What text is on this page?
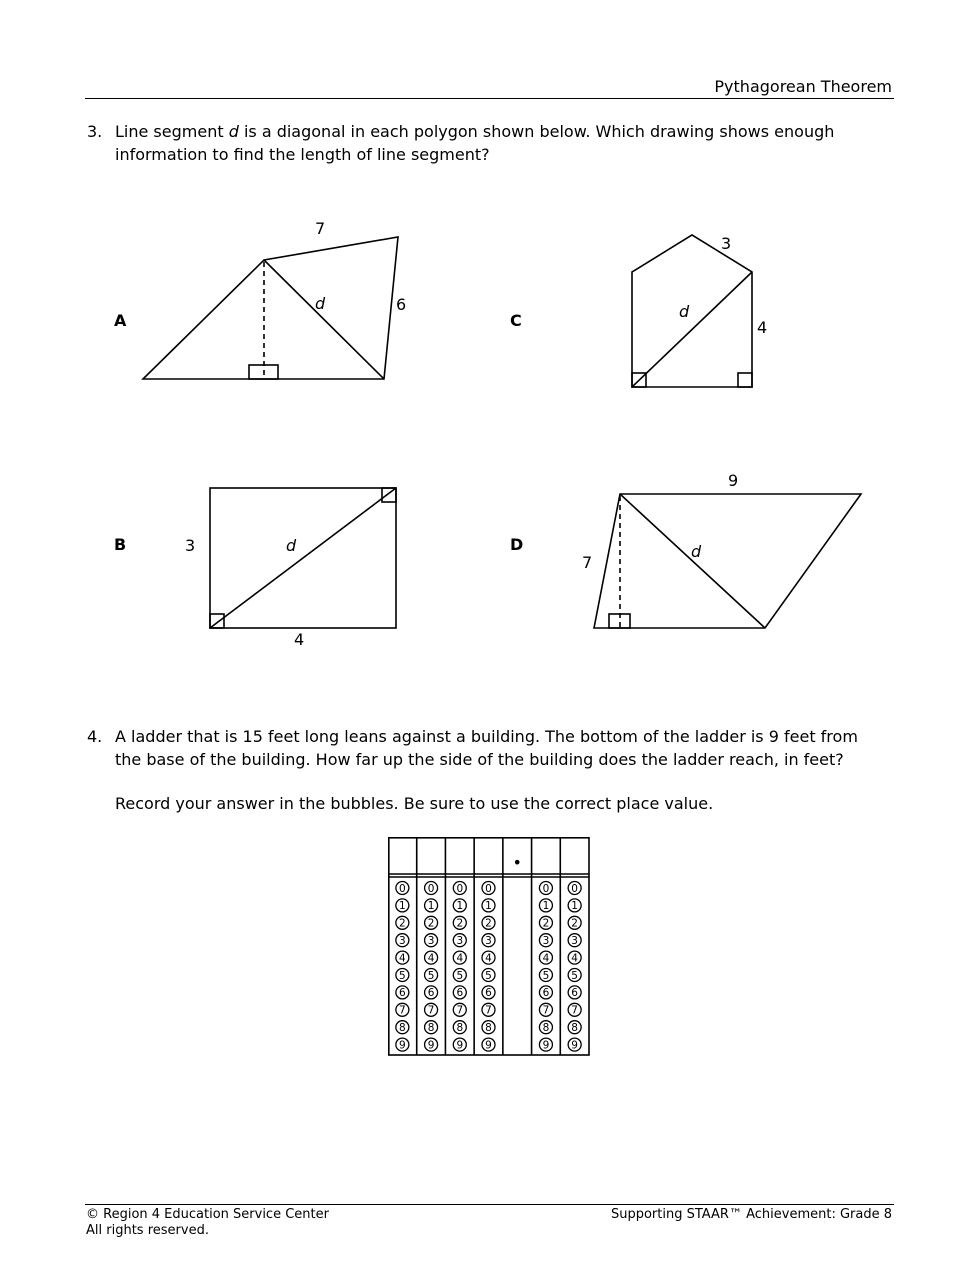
Pythagorean Theorem
3. Line segment d is a diagonal in each polygon shown below. Which drawing shows enough
information to find the length of line segment?
A	C
B	D
7
6
d
3
4
d
3
4
d
9
7
d
4. A ladder that is 15 feet long leans against a building. The bottom of the ladder is 9 feet from
the base of the building. How far up the side of the building does the ladder reach, in feet?
Record your answer in the bubbles. Be sure to use the correct place value.
•
0
1
2
3
4
5
6
7
8
9
0
1
2
3
4
5
6
7
8
9
0
1
2
3
4
5
6
7
8
9
0
1
2
3
4
5
6
7
8
9
0
1
2
3
4
5
6
7
8
9
0
1
2
3
4
5
6
7
8
9
© Region 4 Education Service Center
All rights reserved.
Supporting STAAR™ Achievement: Grade 8
